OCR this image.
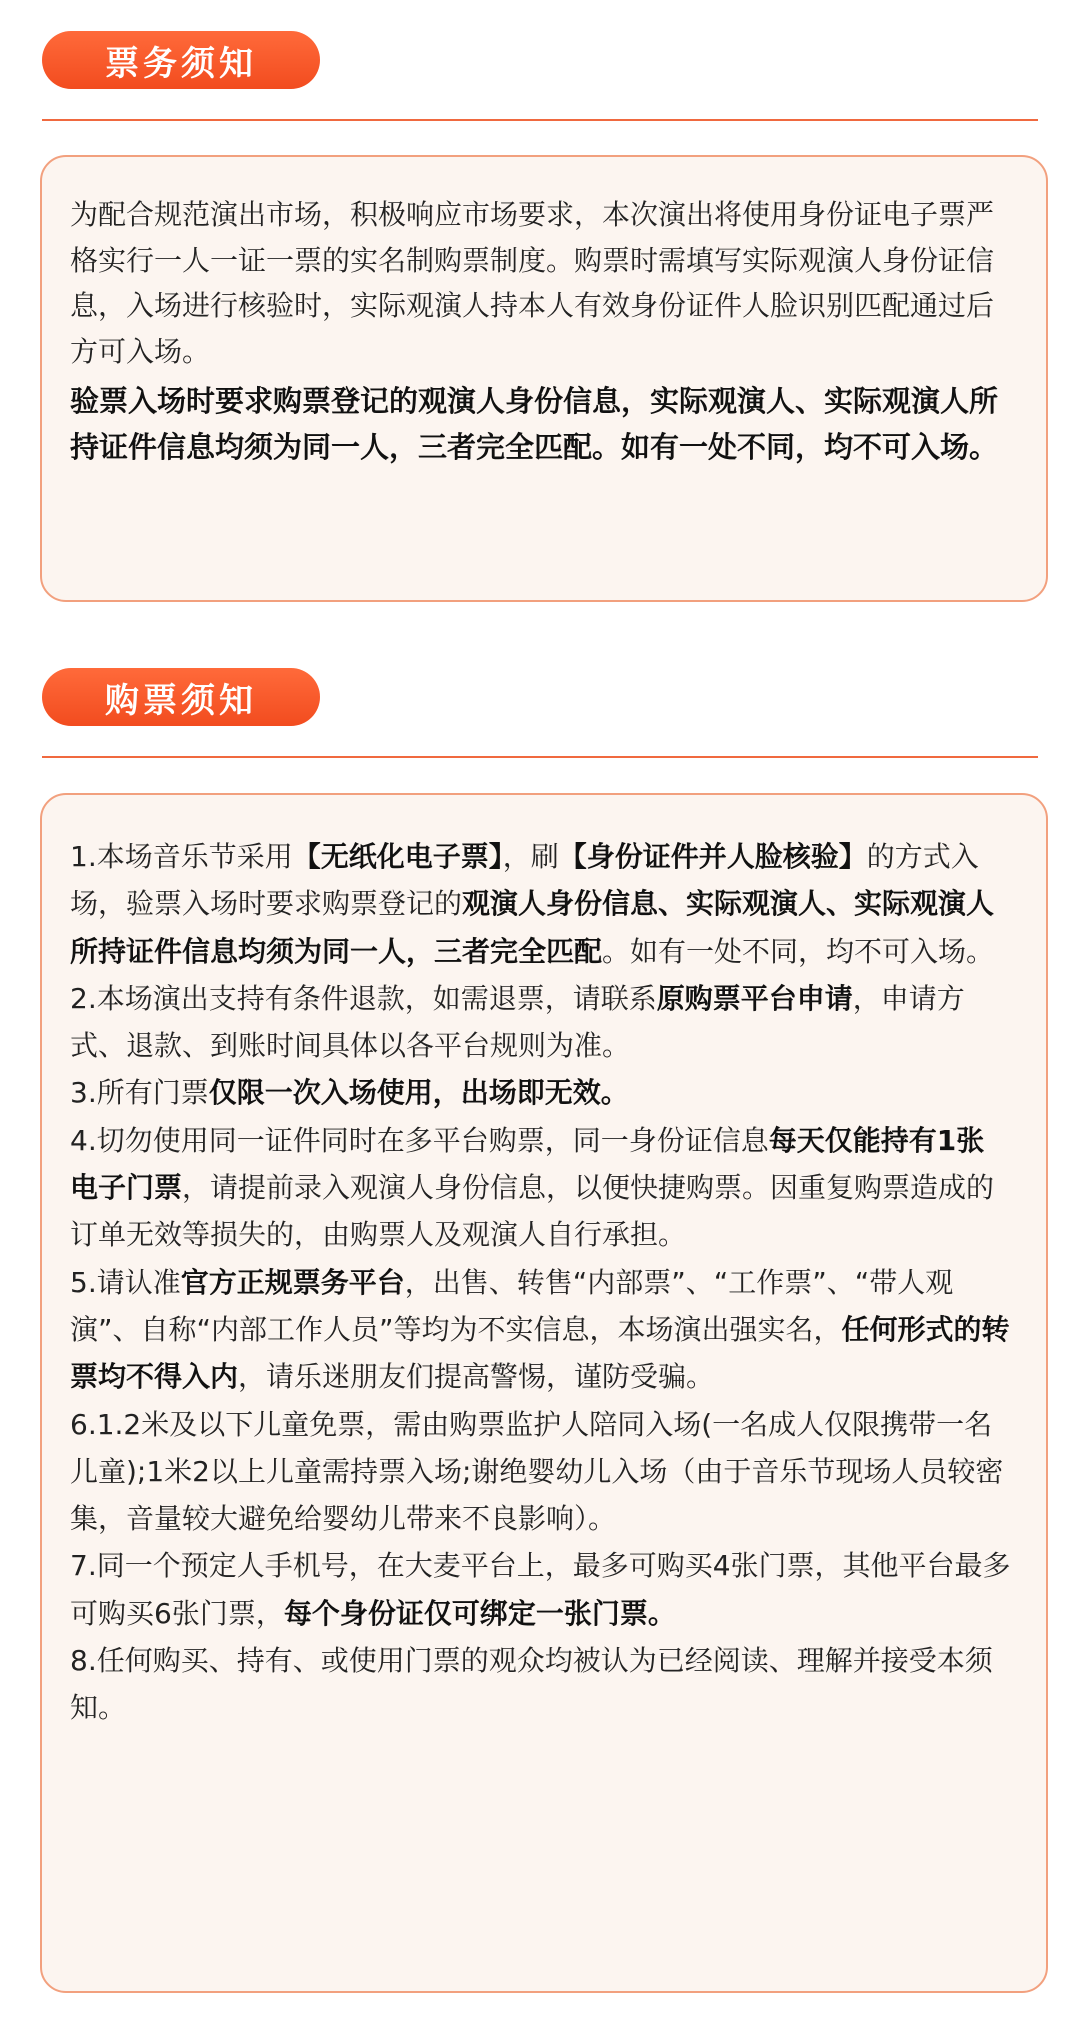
票务须知

为配合规范演出市场，积极响应市场要求，本次演出将使用身份证电子票严格实行一人一证一票的实名制购票制度。购票时需填写实际观演人身份证信息，入场进行核验时，实际观演人持本人有效身份证件人脸识别匹配通过后方可入场。

验票入场时要求购票登记的观演人身份信息，实际观演人、实际观演人所持证件信息均须为同一人，三者完全匹配。如有一处不同，均不可入场。

购票须知

1.本场音乐节采用【无纸化电子票】，刷【身份证件并人脸核验】的方式入场，验票入场时要求购票登记的观演人身份信息、实际观演人、实际观演人所持证件信息均须为同一人，三者完全匹配。如有一处不同，均不可入场。

2.本场演出支持有条件退款，如需退票，请联系原购票平台申请，申请方式、退款、到账时间具体以各平台规则为准。

3.所有门票仅限一次入场使用，出场即无效。

4.切勿使用同一证件同时在多平台购票，同一身份证信息每天仅能持有1张电子门票，请提前录入观演人身份信息，以便快捷购票。因重复购票造成的订单无效等损失的，由购票人及观演人自行承担。

5.请认准官方正规票务平台，出售、转售“内部票”、“工作票”、“带人观演”、自称“内部工作人员”等均为不实信息，本场演出强实名，任何形式的转票均不得入内，请乐迷朋友们提高警惕，谨防受骗。

6.1.2米及以下儿童免票，需由购票监护人陪同入场(一名成人仅限携带一名儿童);1米2以上儿童需持票入场;谢绝婴幼儿入场（由于音乐节现场人员较密集，音量较大避免给婴幼儿带来不良影响）。

7.同一个预定人手机号，在大麦平台上，最多可购买4张门票，其他平台最多可购买6张门票，每个身份证仅可绑定一张门票。

8.任何购买、持有、或使用门票的观众均被认为已经阅读、理解并接受本须知。
